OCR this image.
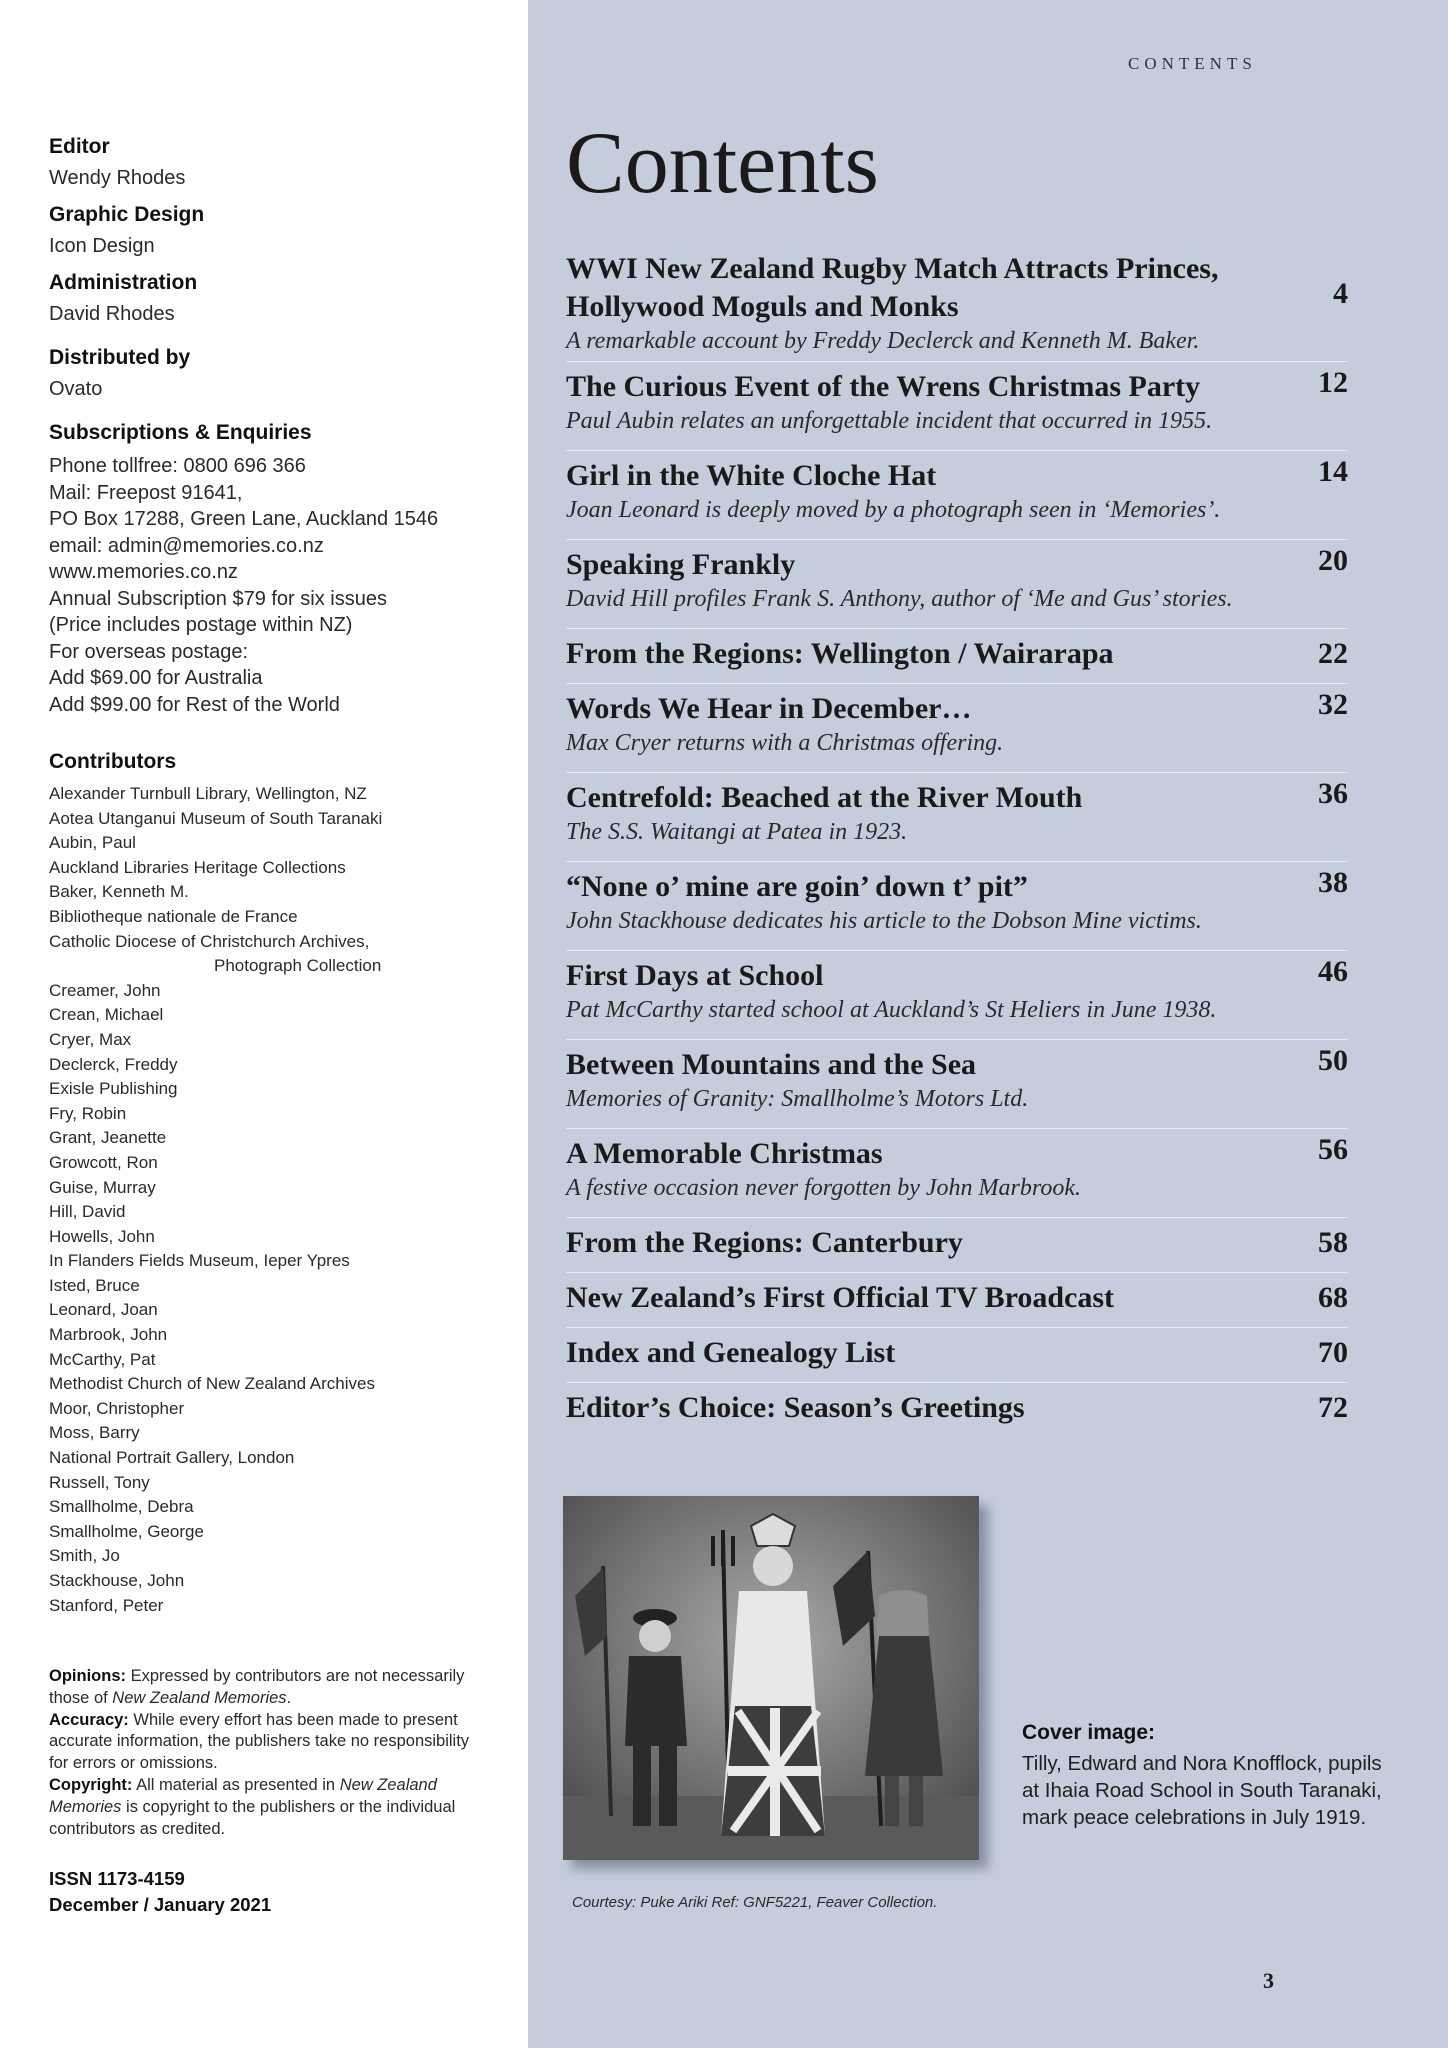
Editor
Wendy Rhodes
Graphic Design
Icon Design
Administration
David Rhodes
Distributed by
Ovato
Subscriptions & Enquiries
Phone tollfree: 0800 696 366
Mail: Freepost 91641,
PO Box 17288, Green Lane, Auckland 1546
email: admin@memories.co.nz
www.memories.co.nz
Annual Subscription $79 for six issues
(Price includes postage within NZ)
For overseas postage:
Add $69.00 for Australia
Add $99.00 for Rest of the World
Contributors
Alexander Turnbull Library, Wellington, NZ
Aotea Utanganui Museum of South Taranaki
Aubin, Paul
Auckland Libraries Heritage Collections
Baker, Kenneth M.
Bibliotheque nationale de France
Catholic Diocese of Christchurch Archives,
Photograph Collection
Creamer, John
Crean, Michael
Cryer, Max
Declerck, Freddy
Exisle Publishing
Fry, Robin
Grant, Jeanette
Growcott, Ron
Guise, Murray
Hill, David
Howells, John
In Flanders Fields Museum, Ieper Ypres
Isted, Bruce
Leonard, Joan
Marbrook, John
McCarthy, Pat
Methodist Church of New Zealand Archives
Moor, Christopher
Moss, Barry
National Portrait Gallery, London
Russell, Tony
Smallholme, Debra
Smallholme, George
Smith, Jo
Stackhouse, John
Stanford, Peter
Opinions: Expressed by contributors are not necessarily those of New Zealand Memories.
Accuracy: While every effort has been made to present accurate information, the publishers take no responsibility for errors or omissions.
Copyright: All material as presented in New Zealand Memories is copyright to the publishers or the individual contributors as credited.
ISSN 1173-4159
December / January 2021
CONTENTS
Contents
WWI New Zealand Rugby Match Attracts Princes, Hollywood Moguls and Monks
A remarkable account by Freddy Declerck and Kenneth M. Baker.
4
The Curious Event of the Wrens Christmas Party
Paul Aubin relates an unforgettable incident that occurred in 1955.
12
Girl in the White Cloche Hat
Joan Leonard is deeply moved by a photograph seen in ‘Memories’.
14
Speaking Frankly
David Hill profiles Frank S. Anthony, author of ‘Me and Gus’ stories.
20
From the Regions: Wellington / Wairarapa	22
Words We Hear in December…
Max Cryer returns with a Christmas offering.
32
Centrefold: Beached at the River Mouth
The S.S. Waitangi at Patea in 1923.
36
“None o’ mine are goin’ down t’ pit”
John Stackhouse dedicates his article to the Dobson Mine victims.
38
First Days at School
Pat McCarthy started school at Auckland’s St Heliers in June 1938.
46
Between Mountains and the Sea
Memories of Granity: Smallholme’s Motors Ltd.
50
A Memorable Christmas
A festive occasion never forgotten by John Marbrook.
56
From the Regions: Canterbury	58
New Zealand’s First Official TV Broadcast	68
Index and Genealogy List	70
Editor’s Choice: Season’s Greetings	72
Courtesy: Puke Ariki Ref: GNF5221, Feaver Collection.
Cover image:
Tilly, Edward and Nora Knofflock, pupils at Ihaia Road School in South Taranaki, mark peace celebrations in July 1919.
3
